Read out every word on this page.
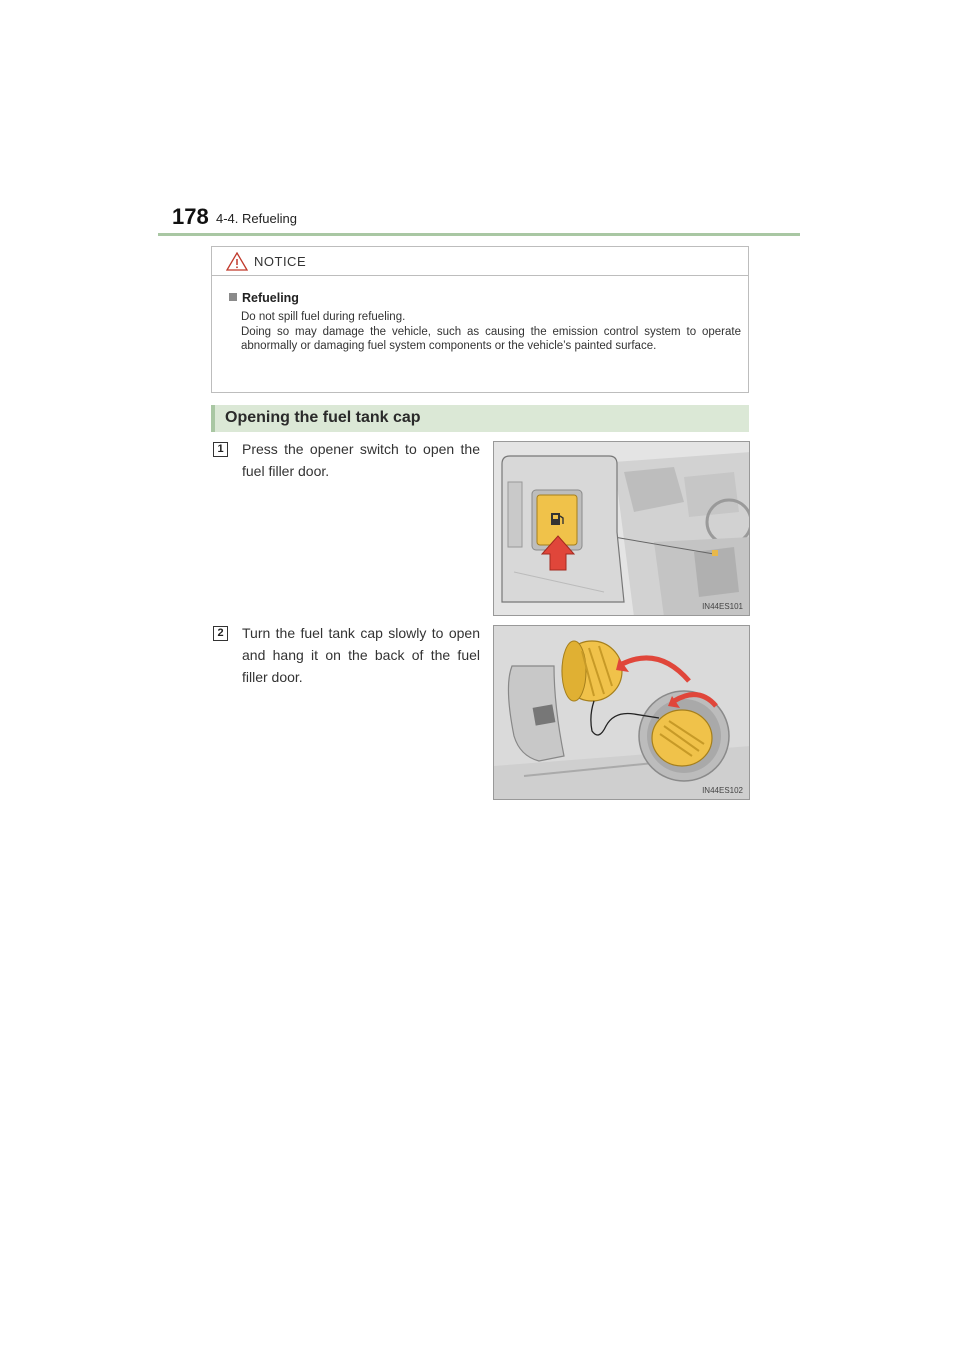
178 4-4. Refueling
NOTICE
Refueling

Do not spill fuel during refueling.

Doing so may damage the vehicle, such as causing the emission control system to operate abnormally or damaging fuel system components or the vehicle’s painted surface.

Opening the fuel tank cap
1	Press the opener switch to open the fuel filler door.
IN44ES101
2	Turn the fuel tank cap slowly to open and hang it on the back of the fuel filler door.
IN44ES102
